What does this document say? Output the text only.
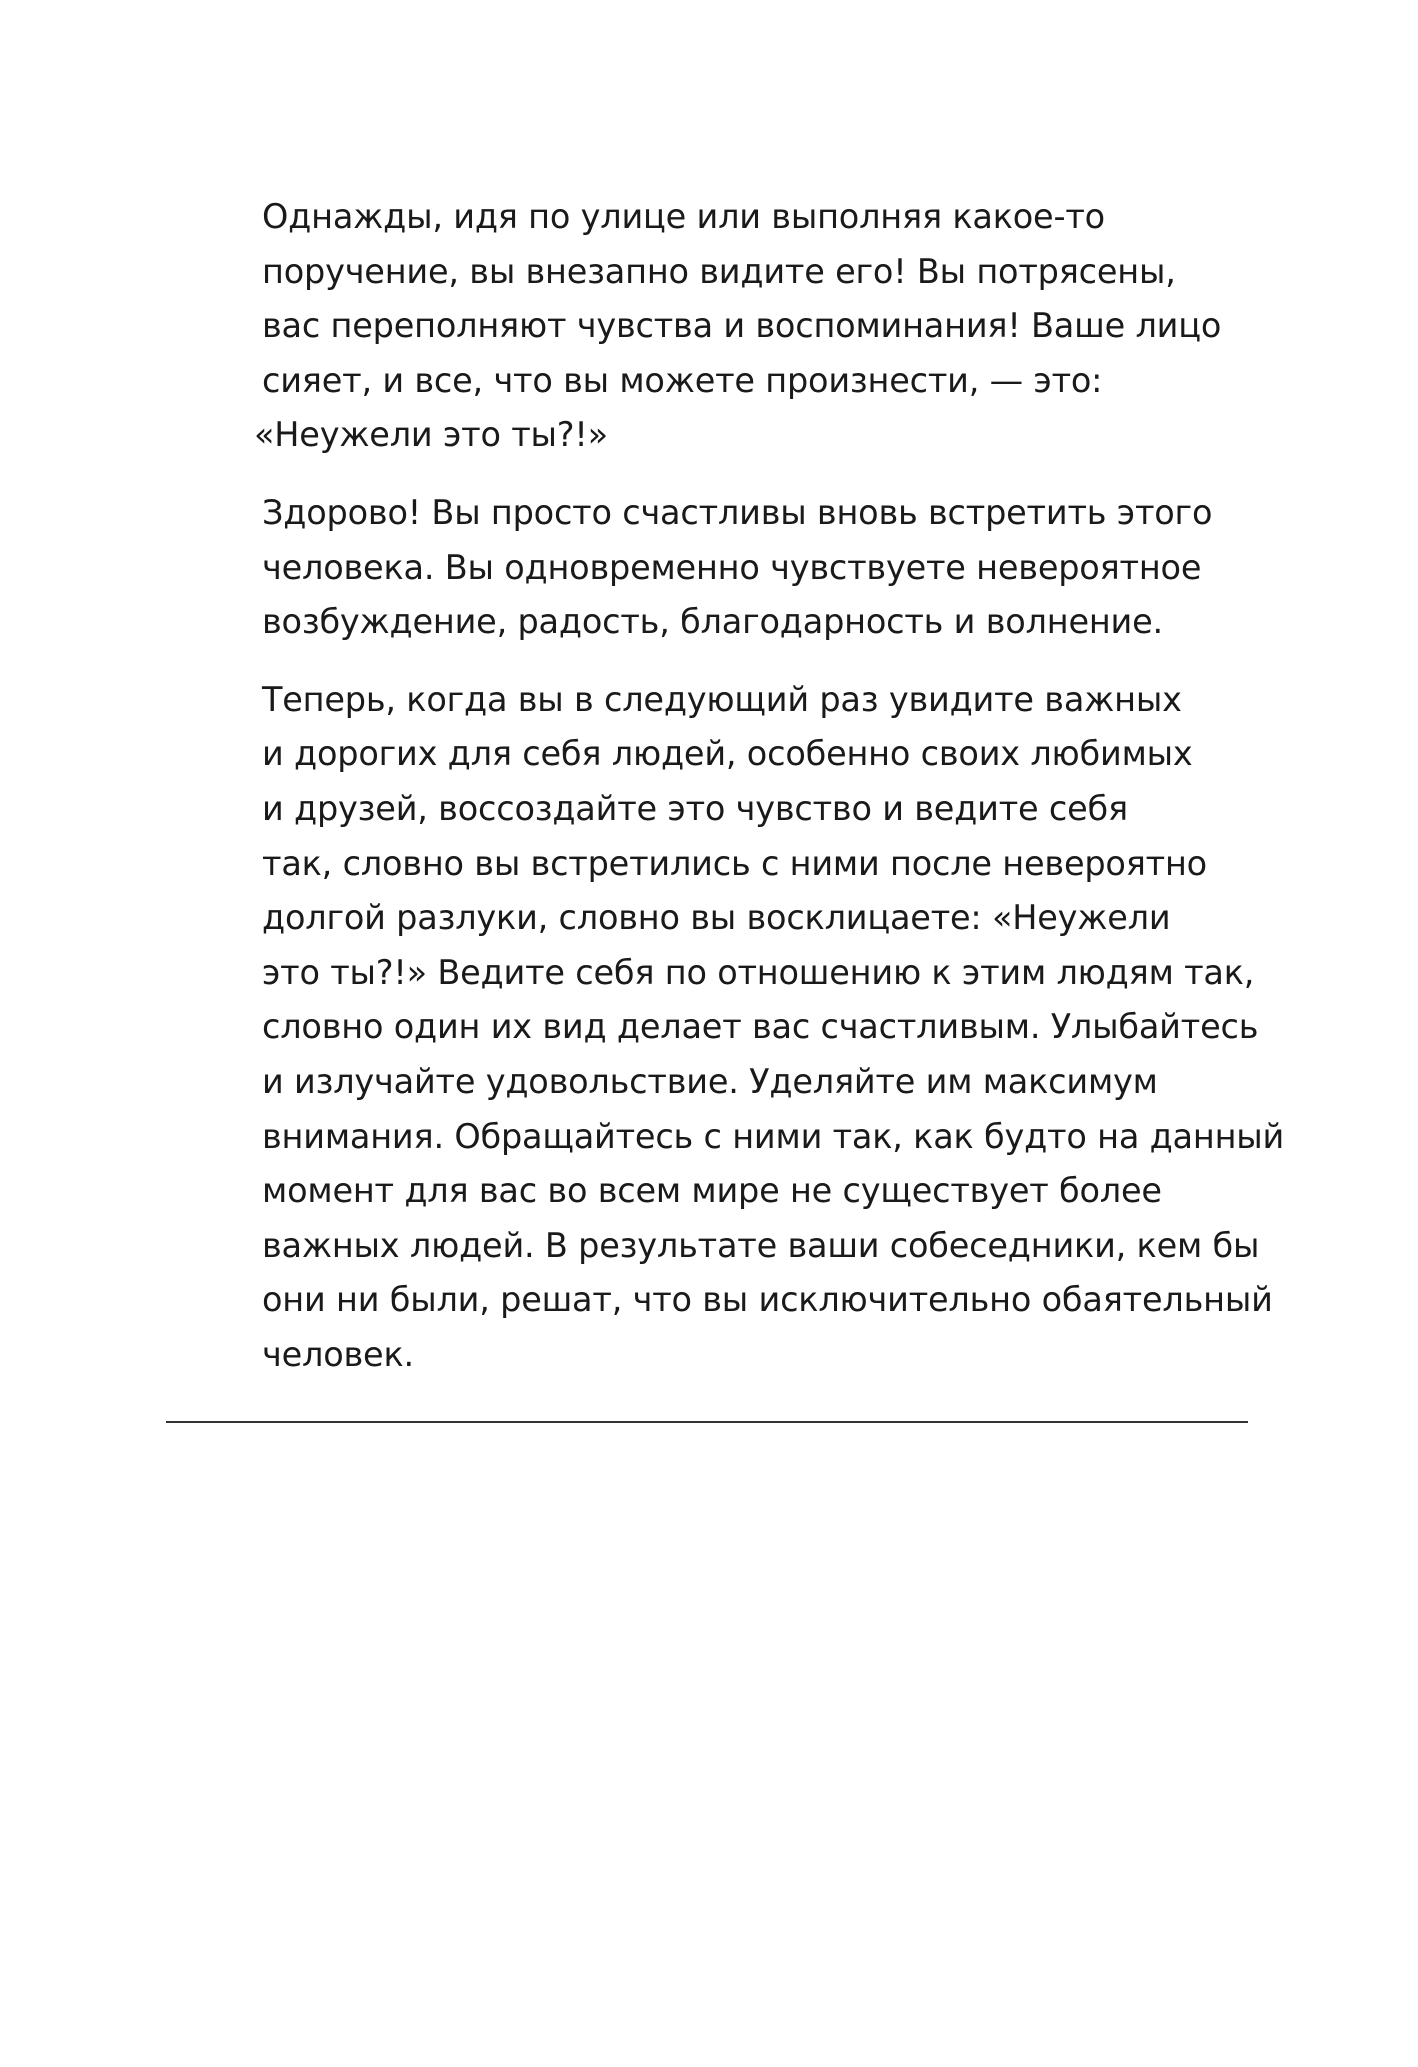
Однажды, идя по улице или выполняя какое-то
поручение, вы внезапно видите его! Вы потрясены,
вас переполняют чувства и воспоминания! Ваше лицо
сияет, и все, что вы можете произнести, — это:
«Неужели это ты?!»

Здорово! Вы просто счастливы вновь встретить этого
человека. Вы одновременно чувствуете невероятное
возбуждение, радость, благодарность и волнение.

Теперь, когда вы в следующий раз увидите важных
и дорогих для себя людей, особенно своих любимых
и друзей, воссоздайте это чувство и ведите себя
так, словно вы встретились с ними после невероятно
долгой разлуки, словно вы восклицаете: «Неужели
это ты?!» Ведите себя по отношению к этим людям так,
словно один их вид делает вас счастливым. Улыбайтесь
и излучайте удовольствие. Уделяйте им максимум
внимания. Обращайтесь с ними так, как будто на данный
момент для вас во всем мире не существует более
важных людей. В результате ваши собеседники, кем бы
они ни были, решат, что вы исключительно обаятельный
человек.
